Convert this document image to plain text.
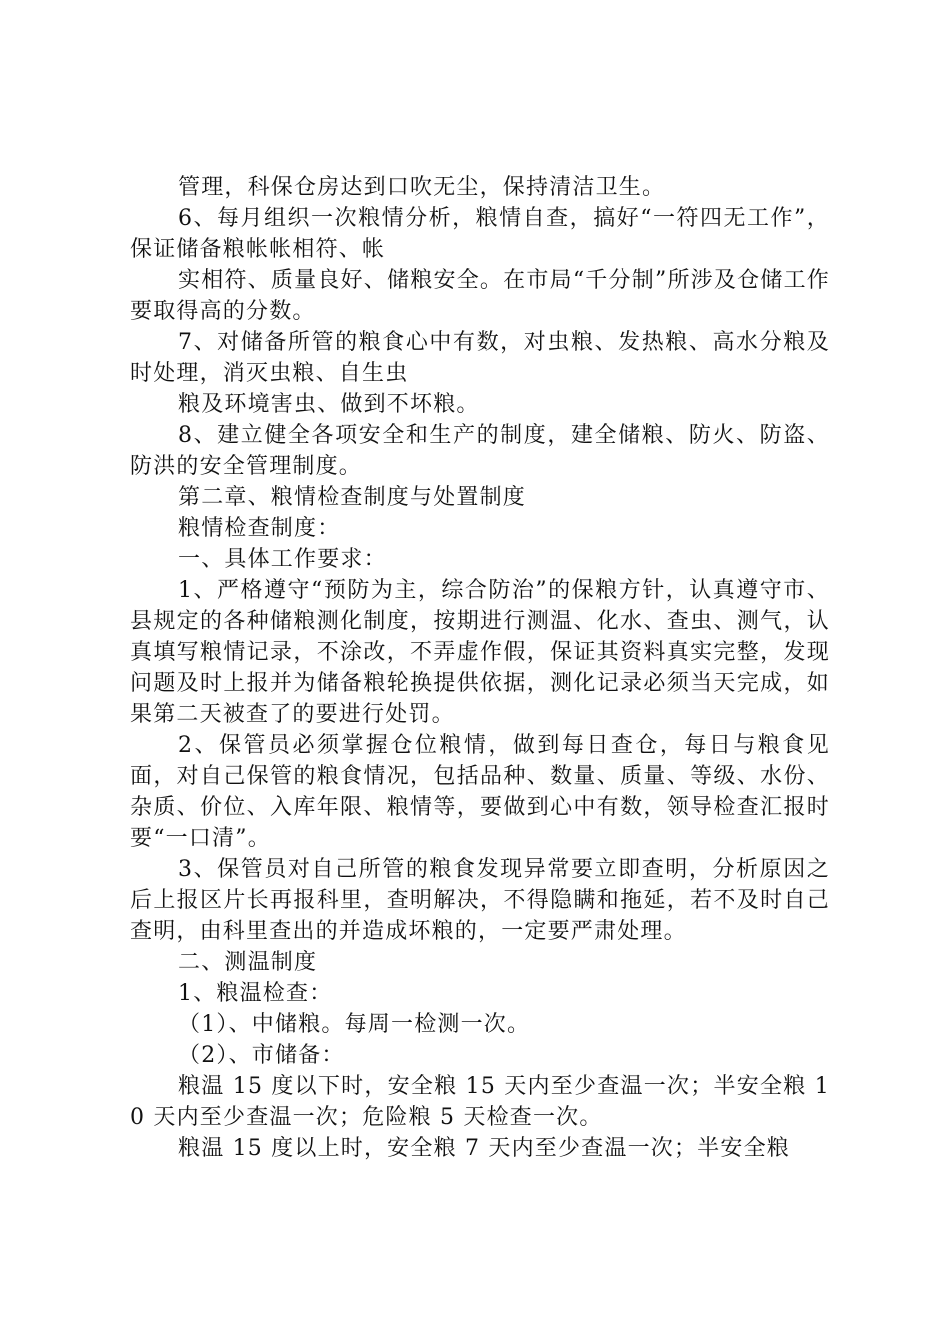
管理，科保仓房达到口吹无尘，保持清洁卫生。

6、每月组织一次粮情分析，粮情自查，搞好“一符四无工作”，保证储备粮帐帐相符、帐

实相符、质量良好、储粮安全。在市局“千分制”所涉及仓储工作要取得高的分数。

7、对储备所管的粮食心中有数，对虫粮、发热粮、高水分粮及时处理，消灭虫粮、自生虫

粮及环境害虫、做到不坏粮。

8、建立健全各项安全和生产的制度，建全储粮、防火、防盗、防洪的安全管理制度。

第二章、粮情检查制度与处置制度

粮情检查制度：

一、具体工作要求：

1、严格遵守“预防为主，综合防治”的保粮方针，认真遵守市、县规定的各种储粮测化制度，按期进行测温、化水、查虫、测气，认真填写粮情记录，不涂改，不弄虚作假，保证其资料真实完整，发现问题及时上报并为储备粮轮换提供依据，测化记录必须当天完成，如果第二天被查了的要进行处罚。

2、保管员必须掌握仓位粮情，做到每日查仓，每日与粮食见面，对自己保管的粮食情况，包括品种、数量、质量、等级、水份、杂质、价位、入库年限、粮情等，要做到心中有数，领导检查汇报时要“一口清”。

3、保管员对自己所管的粮食发现异常要立即查明，分析原因之后上报区片长再报科里，查明解决，不得隐瞒和拖延，若不及时自己查明，由科里查出的并造成坏粮的，一定要严肃处理。

二、测温制度

1、粮温检查：

（1）、中储粮。每周一检测一次。

（2）、市储备：

粮温 15 度以下时，安全粮 15 天内至少查温一次；半安全粮 10 天内至少查温一次；危险粮 5 天检查一次。

粮温 15 度以上时，安全粮 7 天内至少查温一次；半安全粮
